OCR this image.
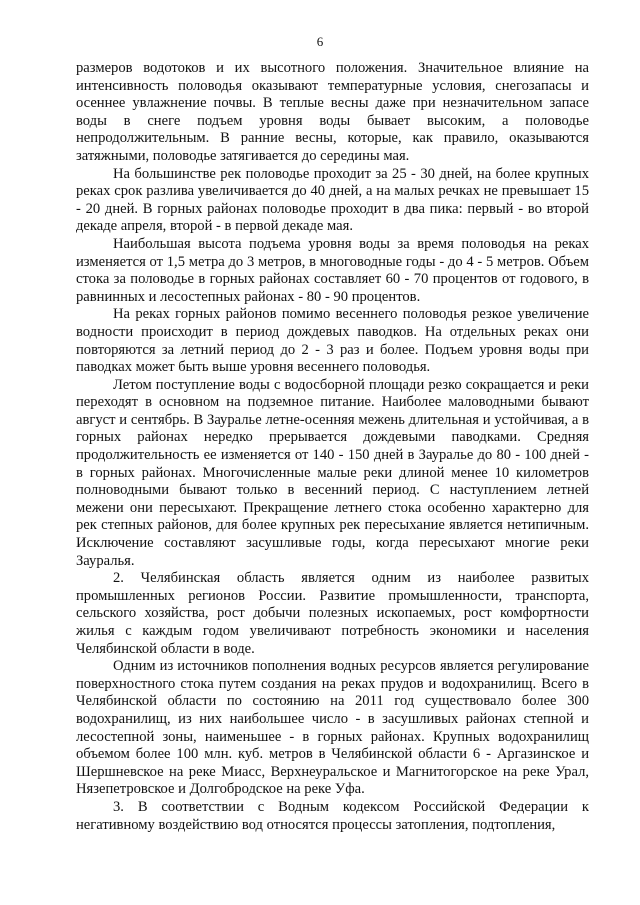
6

размеров водотоков и их высотного положения. Значительное влияние на интенсивность половодья оказывают температурные условия, снегозапасы и осеннее увлажнение почвы. В теплые весны даже при незначительном запасе воды в снеге подъем уровня воды бывает высоким, а половодье непродолжительным. В ранние весны, которые, как правило, оказываются затяжными, половодье затягивается до середины мая.

На большинстве рек половодье проходит за 25 - 30 дней, на более крупных реках срок разлива увеличивается до 40 дней, а на малых речках не превышает 15 - 20 дней. В горных районах половодье проходит в два пика: первый - во второй декаде апреля, второй - в первой декаде мая.

Наибольшая высота подъема уровня воды за время половодья на реках изменяется от 1,5 метра до 3 метров, в многоводные годы - до 4 - 5 метров. Объем стока за половодье в горных районах составляет 60 - 70 процентов от годового, в равнинных и лесостепных районах - 80 - 90 процентов.

На реках горных районов помимо весеннего половодья резкое увеличение водности происходит в период дождевых паводков. На отдельных реках они повторяются за летний период до 2 - 3 раз и более. Подъем уровня воды при паводках может быть выше уровня весеннего половодья.

Летом поступление воды с водосборной площади резко сокращается и реки переходят в основном на подземное питание. Наиболее маловодными бывают август и сентябрь. В Зауралье летне-осенняя межень длительная и устойчивая, а в горных районах нередко прерывается дождевыми паводками. Средняя продолжительность ее изменяется от 140 - 150 дней в Зауралье до 80 - 100 дней - в горных районах. Многочисленные малые реки длиной менее 10 километров полноводными бывают только в весенний период. С наступлением летней межени они пересыхают. Прекращение летнего стока особенно характерно для рек степных районов, для более крупных рек пересыхание является нетипичным. Исключение составляют засушливые годы, когда пересыхают многие реки Зауралья.

2. Челябинская область является одним из наиболее развитых промышленных регионов России. Развитие промышленности, транспорта, сельского хозяйства, рост добычи полезных ископаемых, рост комфортности жилья с каждым годом увеличивают потребность экономики и населения Челябинской области в воде.

Одним из источников пополнения водных ресурсов является регулирование поверхностного стока путем создания на реках прудов и водохранилищ. Всего в Челябинской области по состоянию на 2011 год существовало более 300 водохранилищ, из них наибольшее число - в засушливых районах степной и лесостепной зоны, наименьшее - в горных районах. Крупных водохранилищ объемом более 100 млн. куб. метров в Челябинской области 6 - Аргазинское и Шершневское на реке Миасс, Верхнеуральское и Магнитогорское на реке Урал, Нязепетровское и Долгобродское на реке Уфа.

3. В соответствии с Водным кодексом Российской Федерации к негативному воздействию вод относятся процессы затопления, подтопления,
